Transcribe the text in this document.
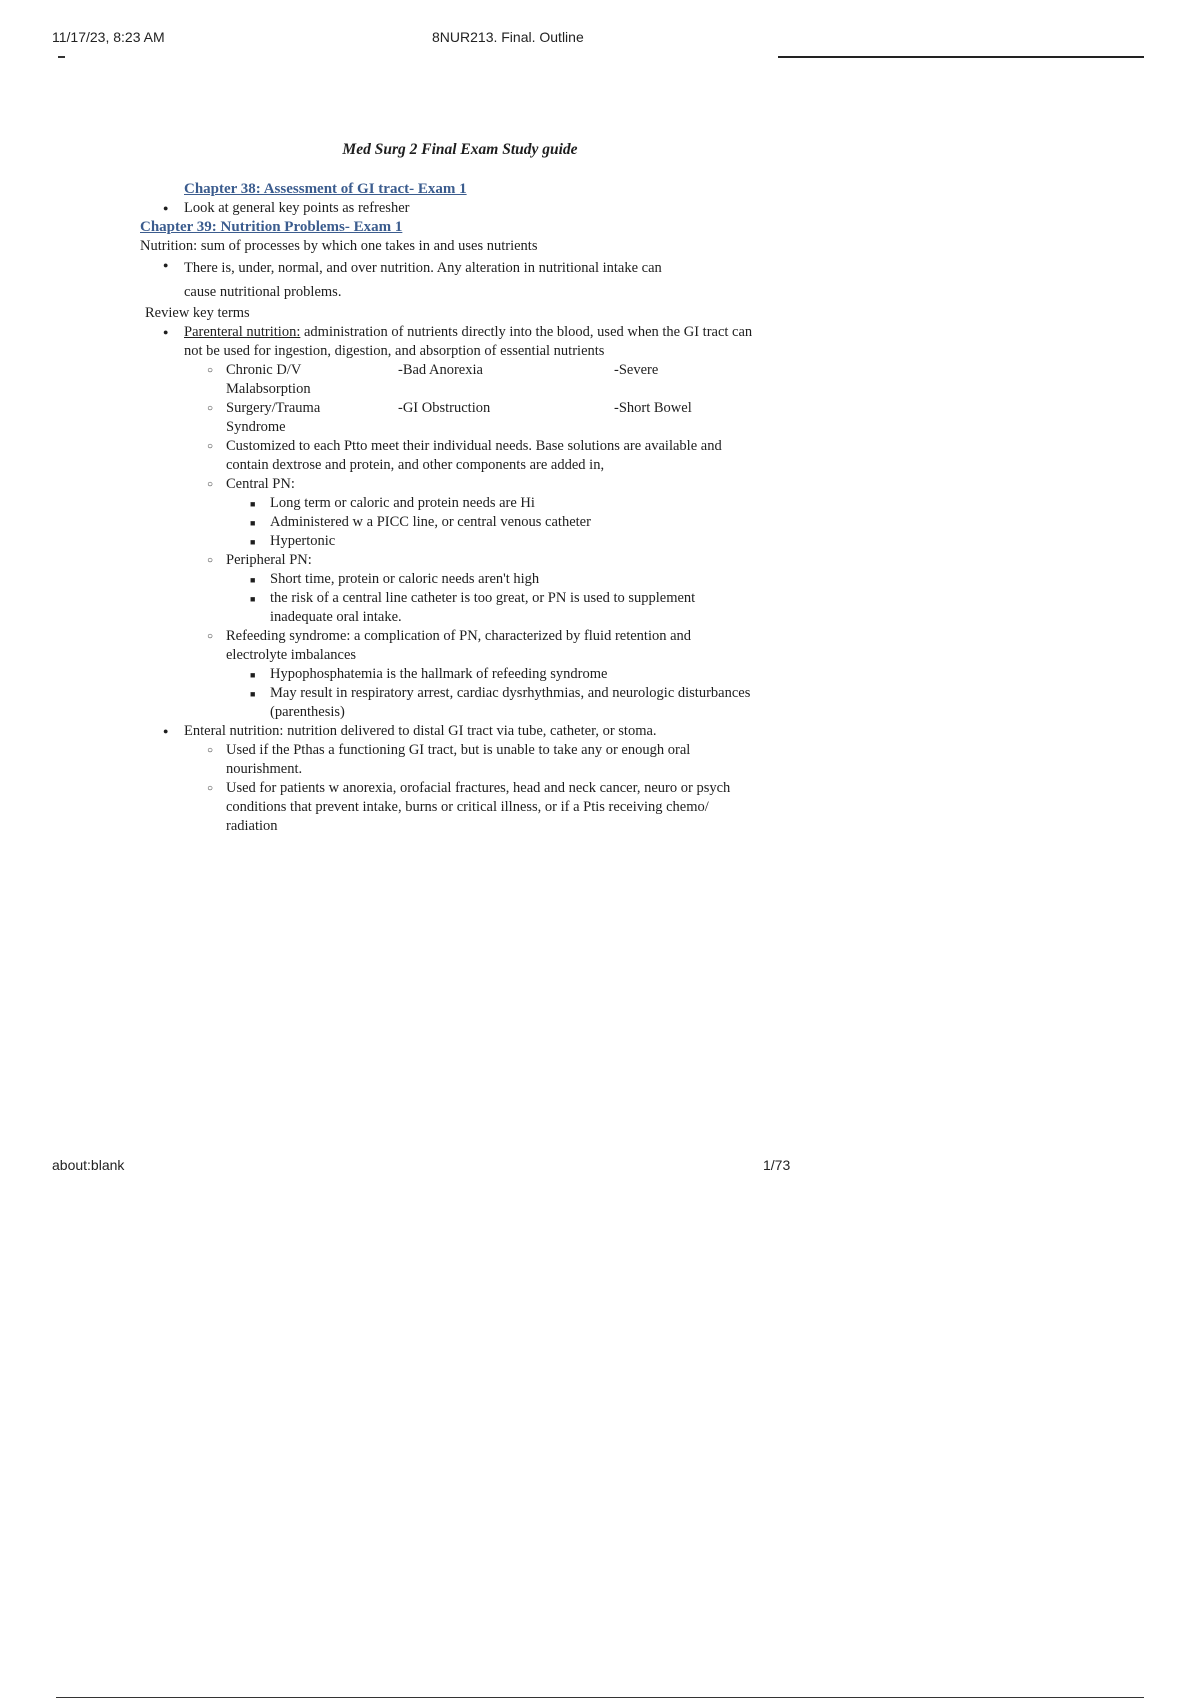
11/17/23, 8:23 AM	8NUR213. Final. Outline

Med Surg 2 Final Exam Study guide

Chapter 38: Assessment of GI tract- Exam 1

● Look at general key points as refresher

Chapter 39: Nutrition Problems- Exam 1

Nutrition: sum of processes by which one takes in and uses nutrients

● There is, under, normal, and over nutrition. Any alteration in nutritional intake can
cause nutritional problems.

Review key terms

● Parenteral nutrition: administration of nutrients directly into the blood, used when the GI tract can not be used for ingestion, digestion, and absorption of essential nutrients
○ Chronic D/V	-Bad Anorexia	-Severe
Malabsorption
○ Surgery/Trauma	-GI Obstruction	-Short Bowel
Syndrome
○ Customized to each Ptto meet their individual needs. Base solutions are available and contain dextrose and protein, and other components are added in,
○ Central PN:
■ Long term or caloric and protein needs are Hi
■ Administered w a PICC line, or central venous catheter
■ Hypertonic
○ Peripheral PN:
■ Short time, protein or caloric needs aren't high
■ the risk of a central line catheter is too great, or PN is used to supplement inadequate oral intake.
○ Refeeding syndrome: a complication of PN, characterized by fluid retention and electrolyte imbalances
■ Hypophosphatemia is the hallmark of refeeding syndrome
■ May result in respiratory arrest, cardiac dysrhythmias, and neurologic disturbances (parenthesis)
● Enteral nutrition: nutrition delivered to distal GI tract via tube, catheter, or stoma.
○ Used if the Pthas a functioning GI tract, but is unable to take any or enough oral nourishment.
○ Used for patients w anorexia, orofacial fractures, head and neck cancer, neuro or psych conditions that prevent intake, burns or critical illness, or if a Ptis receiving chemo/ radiation
about:blank	1/73
